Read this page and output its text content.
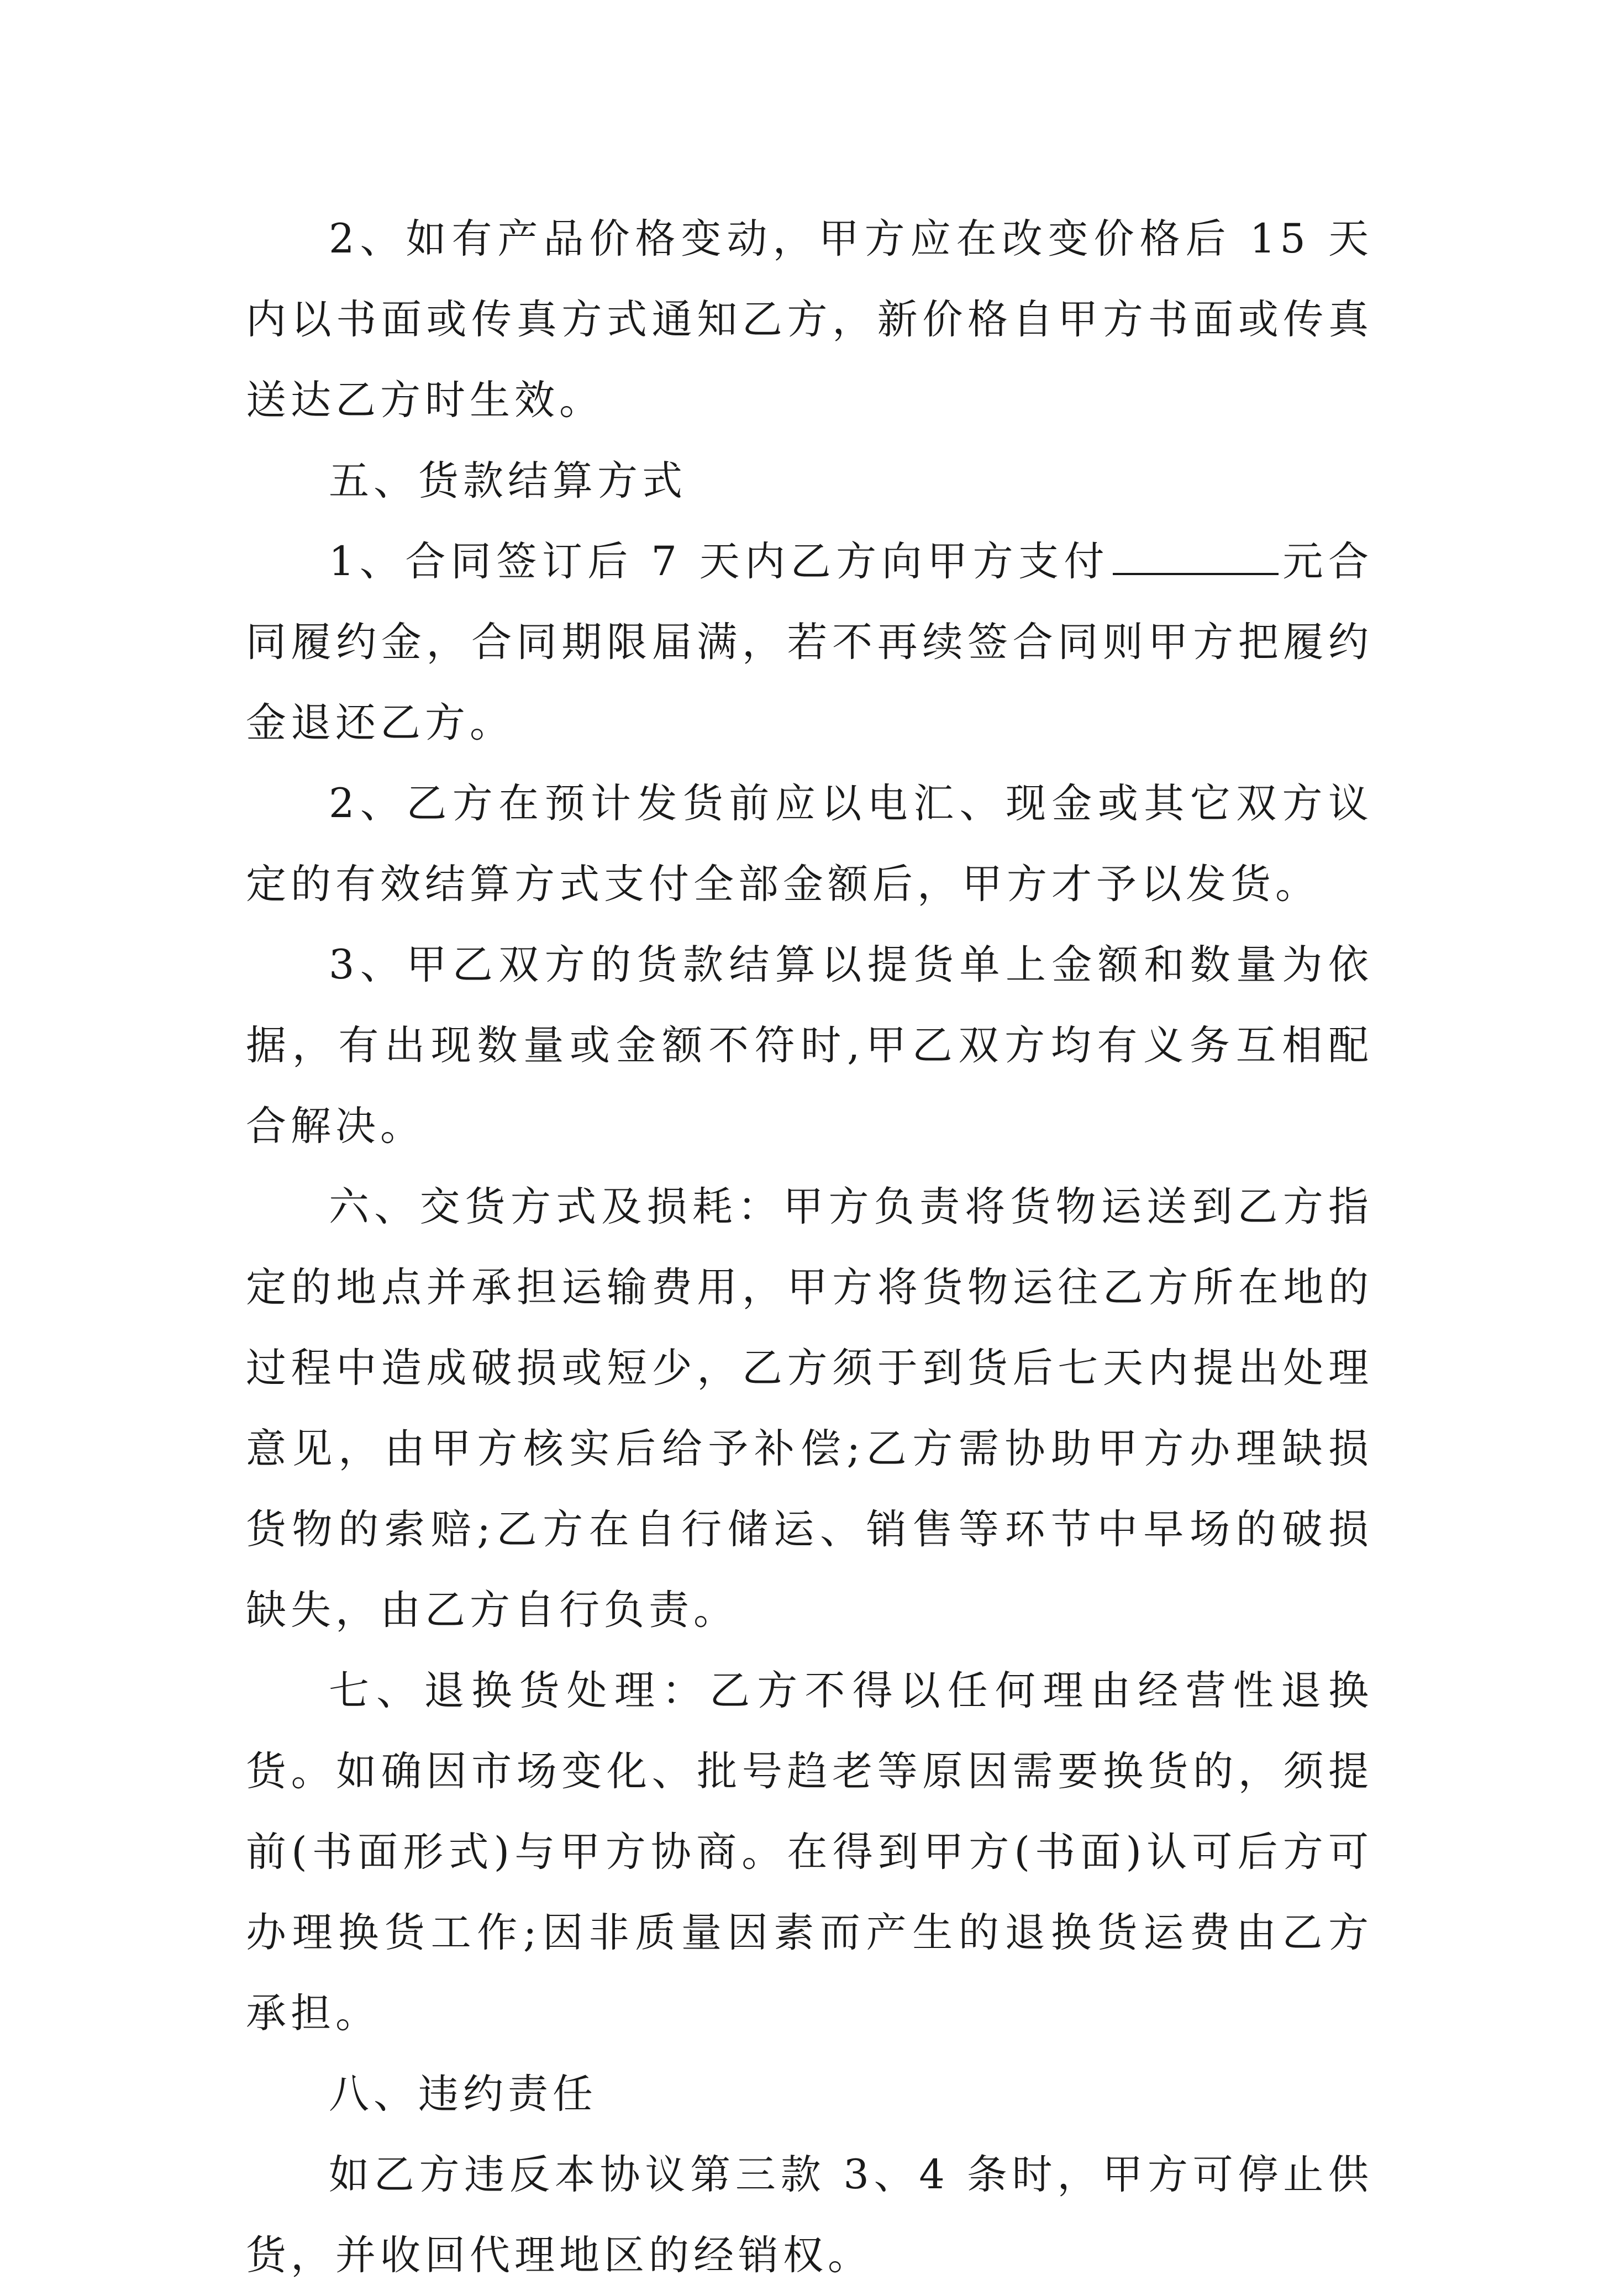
2、如有产品价格变动，甲方应在改变价格后 15 天内以书面或传真方式通知乙方，新价格自甲方书面或传真送达乙方时生效。

五、货款结算方式

1、合同签订后 7 天内乙方向甲方支付	元合同履约金，合同期限届满，若不再续签合同则甲方把履约金退还乙方。

2、乙方在预计发货前应以电汇、现金或其它双方议定的有效结算方式支付全部金额后，甲方才予以发货。

3、甲乙双方的货款结算以提货单上金额和数量为依据，有出现数量或金额不符时,甲乙双方均有义务互相配合解决。

六、交货方式及损耗：甲方负责将货物运送到乙方指定的地点并承担运输费用，甲方将货物运往乙方所在地的过程中造成破损或短少，乙方须于到货后七天内提出处理意见，由甲方核实后给予补偿;乙方需协助甲方办理缺损货物的索赔;乙方在自行储运、销售等环节中早场的破损缺失，由乙方自行负责。

七、退换货处理：乙方不得以任何理由经营性退换货。如确因市场变化、批号趋老等原因需要换货的，须提前(书面形式)与甲方协商。在得到甲方(书面)认可后方可办理换货工作;因非质量因素而产生的退换货运费由乙方承担。

八、违约责任

如乙方违反本协议第三款 3、4 条时，甲方可停止供货，并收回代理地区的经销权。
